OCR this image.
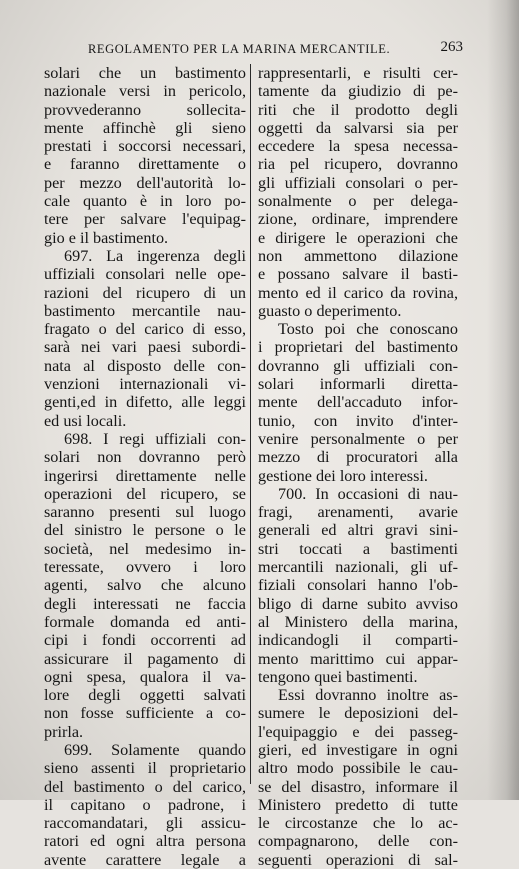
REGOLAMENTO PER LA MARINA MERCANTILE.	263
solari che un bastimento
nazionale versi in pericolo,
provvederanno sollecita-
mente affinchè gli sieno
prestati i soccorsi necessari,
e faranno direttamente o
per mezzo dell'autorità lo-
cale quanto è in loro po-
tere per salvare l'equipag-
gio e il bastimento.
697. La ingerenza degli
uffiziali consolari nelle ope-
razioni del ricupero di un
bastimento mercantile nau-
fragato o del carico di esso,
sarà nei vari paesi subordi-
nata al disposto delle con-
venzioni internazionali vi-
genti,ed in difetto, alle leggi
ed usi locali.
698. I regi uffiziali con-
solari non dovranno però
ingerirsi direttamente nelle
operazioni del ricupero, se
saranno presenti sul luogo
del sinistro le persone o le
società, nel medesimo in-
teressate, ovvero i loro
agenti, salvo che alcuno
degli interessati ne faccia
formale domanda ed anti-
cipi i fondi occorrenti ad
assicurare il pagamento di
ogni spesa, qualora il va-
lore degli oggetti salvati
non fosse sufficiente a co-
prirla.
699. Solamente quando
sieno assenti il proprietario
del bastimento o del carico,
il capitano o padrone, i
raccomandatari, gli assicu-
ratori ed ogni altra persona
avente carattere legale a
rappresentarli, e risulti cer-
tamente da giudizio di pe-
riti che il prodotto degli
oggetti da salvarsi sia per
eccedere la spesa necessa-
ria pel ricupero, dovranno
gli uffiziali consolari o per-
sonalmente o per delega-
zione, ordinare, imprendere
e dirigere le operazioni che
non ammettono dilazione
e possano salvare il basti-
mento ed il carico da rovina,
guasto o deperimento.
Tosto poi che conoscano
i proprietari del bastimento
dovranno gli uffiziali con-
solari informarli diretta-
mente dell'accaduto infor-
tunio, con invito d'inter-
venire personalmente o per
mezzo di procuratori alla
gestione dei loro interessi.
700. In occasioni di nau-
fragi, arenamenti, avarie
generali ed altri gravi sini-
stri toccati a bastimenti
mercantili nazionali, gli uf-
fiziali consolari hanno l'ob-
bligo di darne subito avviso
al Ministero della marina,
indicandogli il comparti-
mento marittimo cui appar-
tengono quei bastimenti.
Essi dovranno inoltre as-
sumere le deposizioni del-
l'equipaggio e dei passeg-
gieri, ed investigare in ogni
altro modo possibile le cau-
se del disastro, informare il
Ministero predetto di tutte
le circostanze che lo ac-
compagnarono, delle con-
seguenti operazioni di sal-
